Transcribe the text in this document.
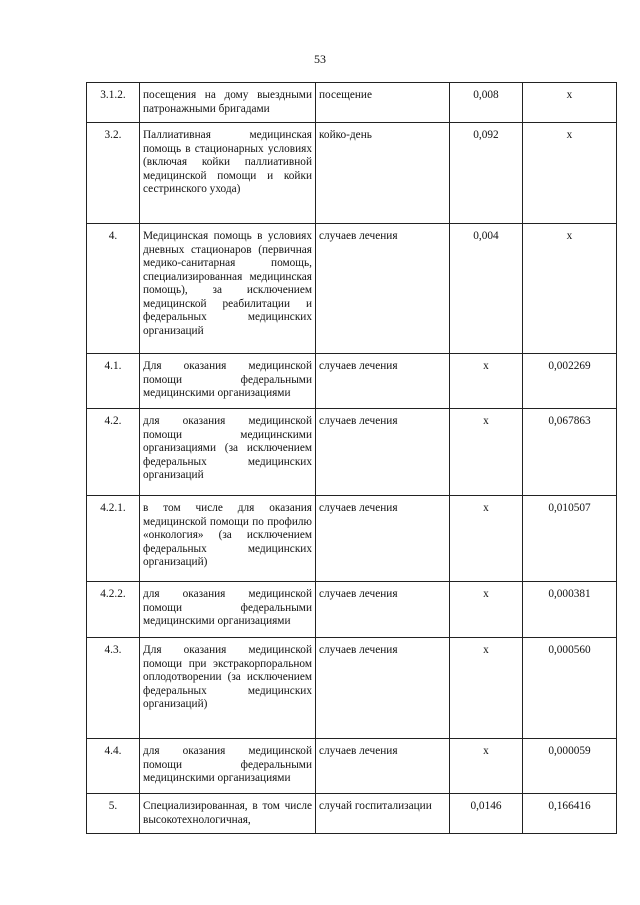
53
3.1.2.	посещения на дому выездными патронажными бригадами	посещение	0,008	х
3.2.	Паллиативная медицинская помощь в стационарных условиях (включая койки паллиативной медицинской помощи и койки сестринского ухода)	койко-день	0,092	х
4.	Медицинская помощь в условиях дневных стационаров (первичная медико-санитарная помощь, специализированная медицинская помощь), за исключением медицинской реабилитации и федеральных медицинских организаций	случаев лечения	0,004	х
4.1.	Для оказания медицинской помощи федеральными медицинскими организациями	случаев лечения	х	0,002269
4.2.	для оказания медицинской помощи медицинскими организациями (за исключением федеральных медицинских организаций	случаев лечения	х	0,067863
4.2.1.	в том числе для оказания медицинской помощи по профилю «онкология» (за исключением федеральных медицинских организаций)	случаев лечения	х	0,010507
4.2.2.	для оказания медицинской помощи федеральными медицинскими организациями	случаев лечения	х	0,000381
4.3.	Для оказания медицинской помощи при экстракорпоральном оплодотворении (за исключением федеральных медицинских организаций)	случаев лечения	х	0,000560
4.4.	для оказания медицинской помощи федеральными медицинскими организациями	случаев лечения	х	0,000059
5.	Специализированная, в том числе высокотехнологичная,	случай госпитализации	0,0146	0,166416
